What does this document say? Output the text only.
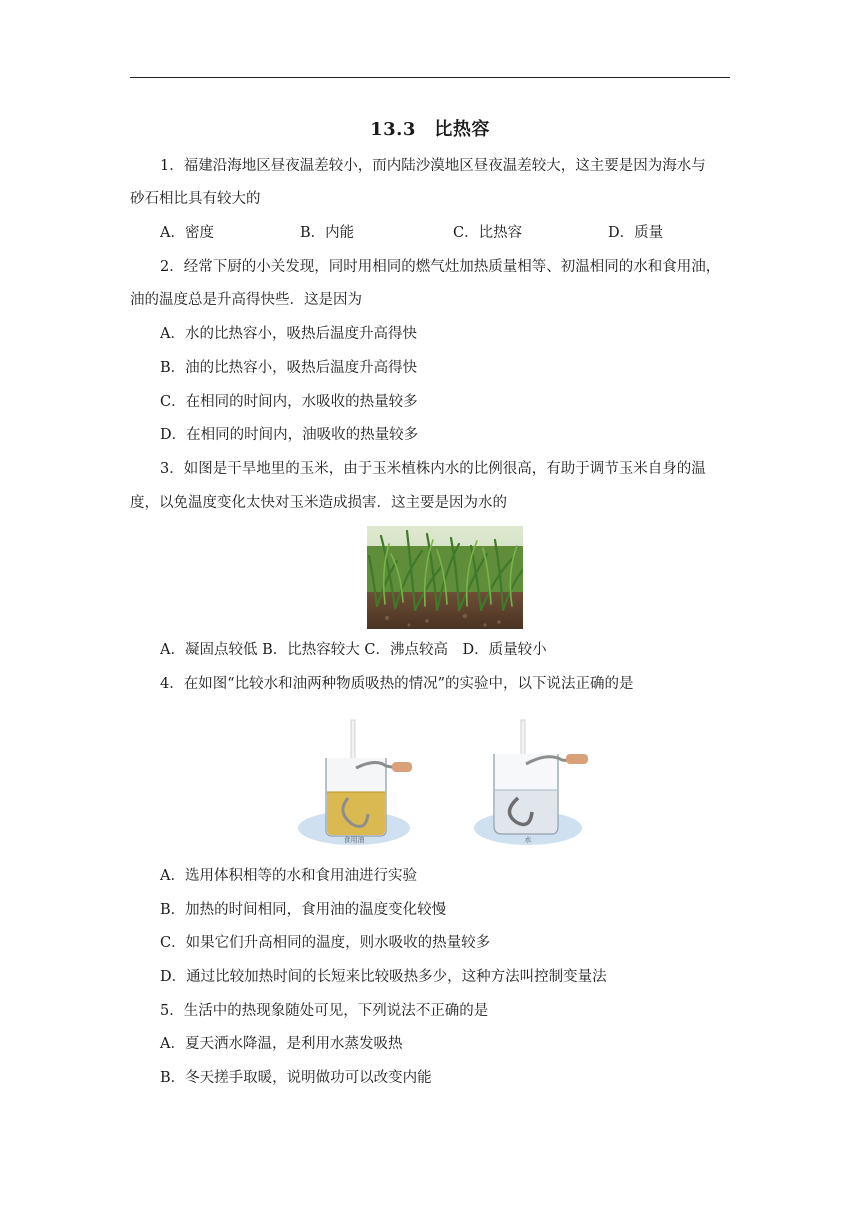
13.3　比热容
1．福建沿海地区昼夜温差较小，而内陆沙漠地区昼夜温差较大，这主要是因为海水与
砂石相比具有较大的
A．密度	B．内能	C．比热容	D．质量
2．经常下厨的小关发现，同时用相同的燃气灶加热质量相等、初温相同的水和食用油，
油的温度总是升高得快些．这是因为
A．水的比热容小，吸热后温度升高得快
B．油的比热容小，吸热后温度升高得快
C．在相同的时间内，水吸收的热量较多
D．在相同的时间内，油吸收的热量较多
3．如图是干旱地里的玉米，由于玉米植株内水的比例很高，有助于调节玉米自身的温
度，以免温度变化太快对玉米造成损害．这主要是因为水的
A．凝固点较低 B．比热容较大 C．沸点较高　D．质量较小
4．在如图“比较水和油两种物质吸热的情况”的实验中，以下说法正确的是
食用油	水
A．选用体积相等的水和食用油进行实验
B．加热的时间相同，食用油的温度变化较慢
C．如果它们升高相同的温度，则水吸收的热量较多
D．通过比较加热时间的长短来比较吸热多少，这种方法叫控制变量法
5．生活中的热现象随处可见，下列说法不正确的是
A．夏天洒水降温，是利用水蒸发吸热
B．冬天搓手取暖，说明做功可以改变内能
